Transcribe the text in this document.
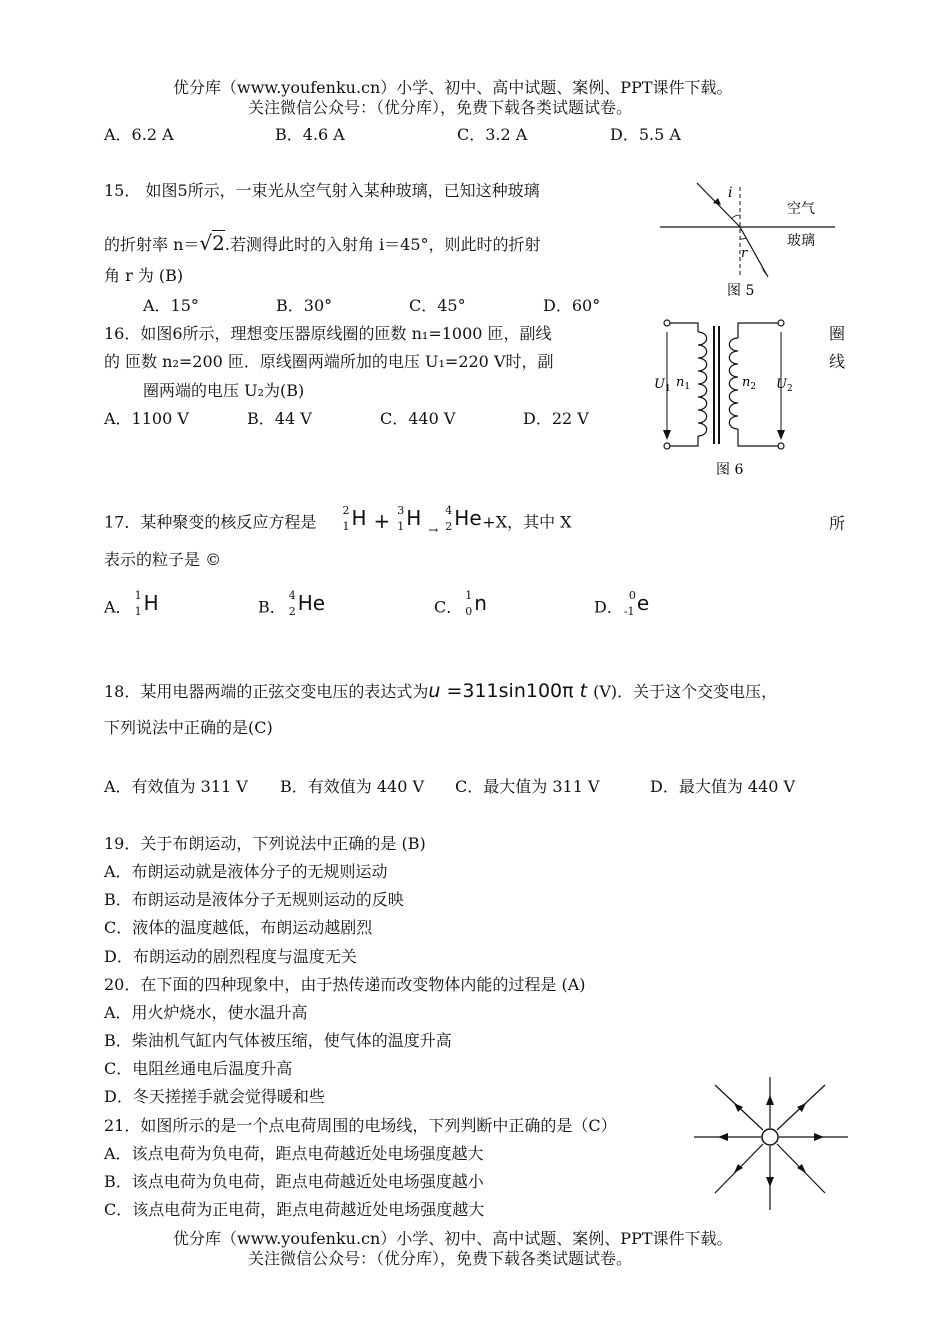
优分库（www.youfenku.cn）小学、初中、高中试题、案例、PPT课件下载。
关注微信公众号：（优分库），免费下载各类试题试卷。
A．6.2 A	B．4.6 A	C．3.2 A	D．5.5 A
15． 如图5所示，一束光从空气射入某种玻璃，已知这种玻璃
的折射率 n＝√2.若测得此时的入射角 i＝45°，则此时的折射
角 r 为 (B)
A．15°	B．30°	C．45°	D．60°
i
r
空气
玻璃
图 5
16．如图6所示，理想变压器原线圈的匝数 n₁=1000 匝，副线	圈
的 匝数 n₂=200 匝．原线圈两端所加的电压 U₁=220 V时，副	线
圈两端的电压 U₂为(B)
A．1100 V	B．44 V	C．440 V	D．22 V
$U_1$ $n_1$	$n_2$ $U_2$
图 6
17．某种聚变的核反应方程是
2
1 H + 3
1 H $_\to$
4
2 He +X，其中 X	所
表示的粒子是 ©
A．
1
1 H	B．
4
2 He	C．
1
0 n	D．
0
-1 e
18．某用电器两端的正弦交变电压的表达式为u =311sin100π t (V)．关于这个交变电压，
下列说法中正确的是(C)
A．有效值为 311 V B．有效值为 440 V C．最大值为 311 V	D．最大值为 440 V
19．关于布朗运动，下列说法中正确的是 (B)
A．布朗运动就是液体分子的无规则运动
B．布朗运动是液体分子无规则运动的反映
C．液体的温度越低，布朗运动越剧烈
D．布朗运动的剧烈程度与温度无关
20．在下面的四种现象中，由于热传递而改变物体内能的过程是 (A)
A．用火炉烧水，使水温升高
B．柴油机气缸内气体被压缩，使气体的温度升高
C．电阻丝通电后温度升高
D．冬天搓搓手就会觉得暖和些
21．如图所示的是一个点电荷周围的电场线，下列判断中正确的是（C）
A．该点电荷为负电荷，距点电荷越近处电场强度越大
B．该点电荷为负电荷，距点电荷越近处电场强度越小
C．该点电荷为正电荷，距点电荷越近处电场强度越大
优分库（www.youfenku.cn）小学、初中、高中试题、案例、PPT课件下载。
关注微信公众号：（优分库），免费下载各类试题试卷。
